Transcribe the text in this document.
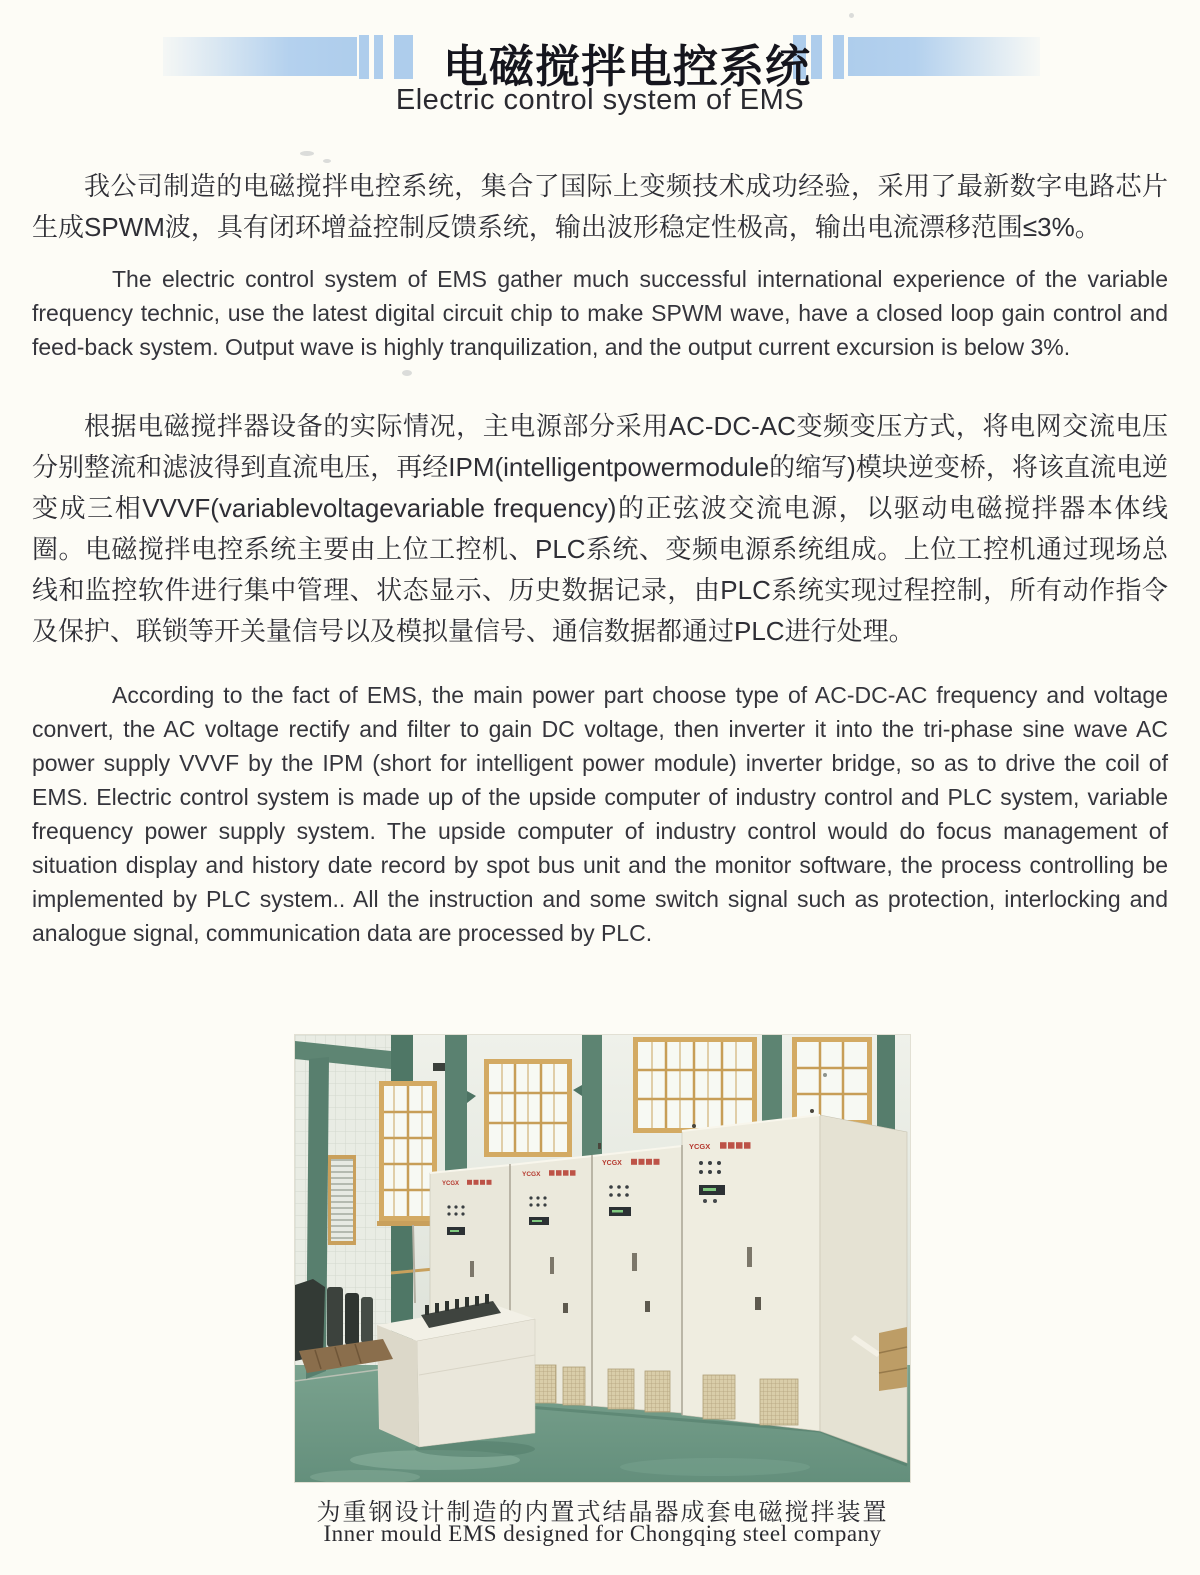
电磁搅拌电控系统
Electric control system of EMS

我公司制造的电磁搅拌电控系统，集合了国际上变频技术成功经验，采用了最新数字电路芯片生成SPWM波，具有闭环增益控制反馈系统，输出波形稳定性极高，输出电流漂移范围≤3%。

The electric control system of EMS gather much successful international experience of the variable frequency technic, use the latest digital circuit chip to make SPWM wave, have a closed loop gain control and feed-back system. Output wave is highly tranquilization, and the output current excursion is below 3%.

根据电磁搅拌器设备的实际情况，主电源部分采用AC-DC-AC变频变压方式，将电网交流电压分别整流和滤波得到直流电压，再经IPM(intelligentpowermodule的缩写)模块逆变桥，将该直流电逆变成三相VVVF(variablevoltagevariable frequency)的正弦波交流电源，以驱动电磁搅拌器本体线圈。电磁搅拌电控系统主要由上位工控机、PLC系统、变频电源系统组成。上位工控机通过现场总线和监控软件进行集中管理、状态显示、历史数据记录，由PLC系统实现过程控制，所有动作指令及保护、联锁等开关量信号以及模拟量信号、通信数据都通过PLC进行处理。

According to the fact of EMS, the main power part choose type of AC-DC-AC frequency and voltage convert, the AC voltage rectify and filter to gain DC voltage, then inverter it into the tri-phase sine wave AC power supply VVVF by the IPM (short for intelligent power module) inverter bridge, so as to drive the coil of EMS. Electric control system is made up of the upside computer of industry control and PLC system, variable frequency power supply system. The upside computer of industry control would do focus management of situation display and history date record by spot bus unit and the monitor software, the process controlling be implemented by PLC system.. All the instruction and some switch signal such as protection, interlocking and analogue signal, communication data are processed by PLC.

YCGX
YCGX
YCGX
YCGX
为重钢设计制造的内置式结晶器成套电磁搅拌装置
Inner mould EMS designed for Chongqing steel company
